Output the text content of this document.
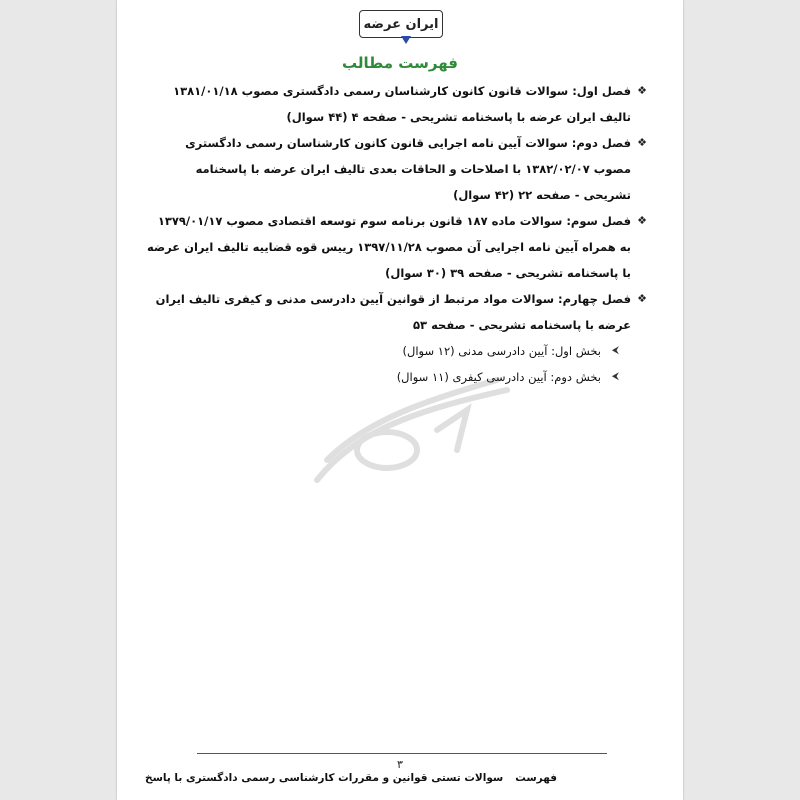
ایران عرضه
فهرست مطالب
❖
فصل اول: سوالات قانون کانون کارشناسان رسمی دادگستری مصوب ۱۳۸۱/۰۱/۱۸ تالیف ایران عرضه با پاسخنامه تشریحی - صفحه ۴ (۴۴ سوال)
❖
فصل دوم: سوالات آیین نامه اجرایی قانون کانون کارشناسان رسمی دادگستری مصوب ۱۳۸۲/۰۲/۰۷ با اصلاحات و الحاقات بعدی تالیف ایران عرضه با پاسخنامه تشریحی - صفحه ۲۲ (۴۲ سوال)
❖
فصل سوم: سوالات ماده ۱۸۷ قانون برنامه سوم توسعه اقتصادی مصوب ۱۳۷۹/۰۱/۱۷ به همراه آیین نامه اجرایی آن مصوب ۱۳۹۷/۱۱/۲۸ رییس قوه قضاییه تالیف ایران عرضه با پاسخنامه تشریحی - صفحه ۳۹ (۳۰ سوال)
❖
فصل چهارم: سوالات مواد مرتبط از قوانین آیین دادرسی مدنی و کیفری تالیف ایران عرضه با پاسخنامه تشریحی - صفحه ۵۳
⮜
بخش اول: آیین دادرسی مدنی (۱۲ سوال)
⮜
بخش دوم: آیین دادرسی کیفری (۱۱ سوال)
۳
فهرست
سوالات تستی قوانین و مقررات کارشناسی رسمی دادگستری با پاسخ
